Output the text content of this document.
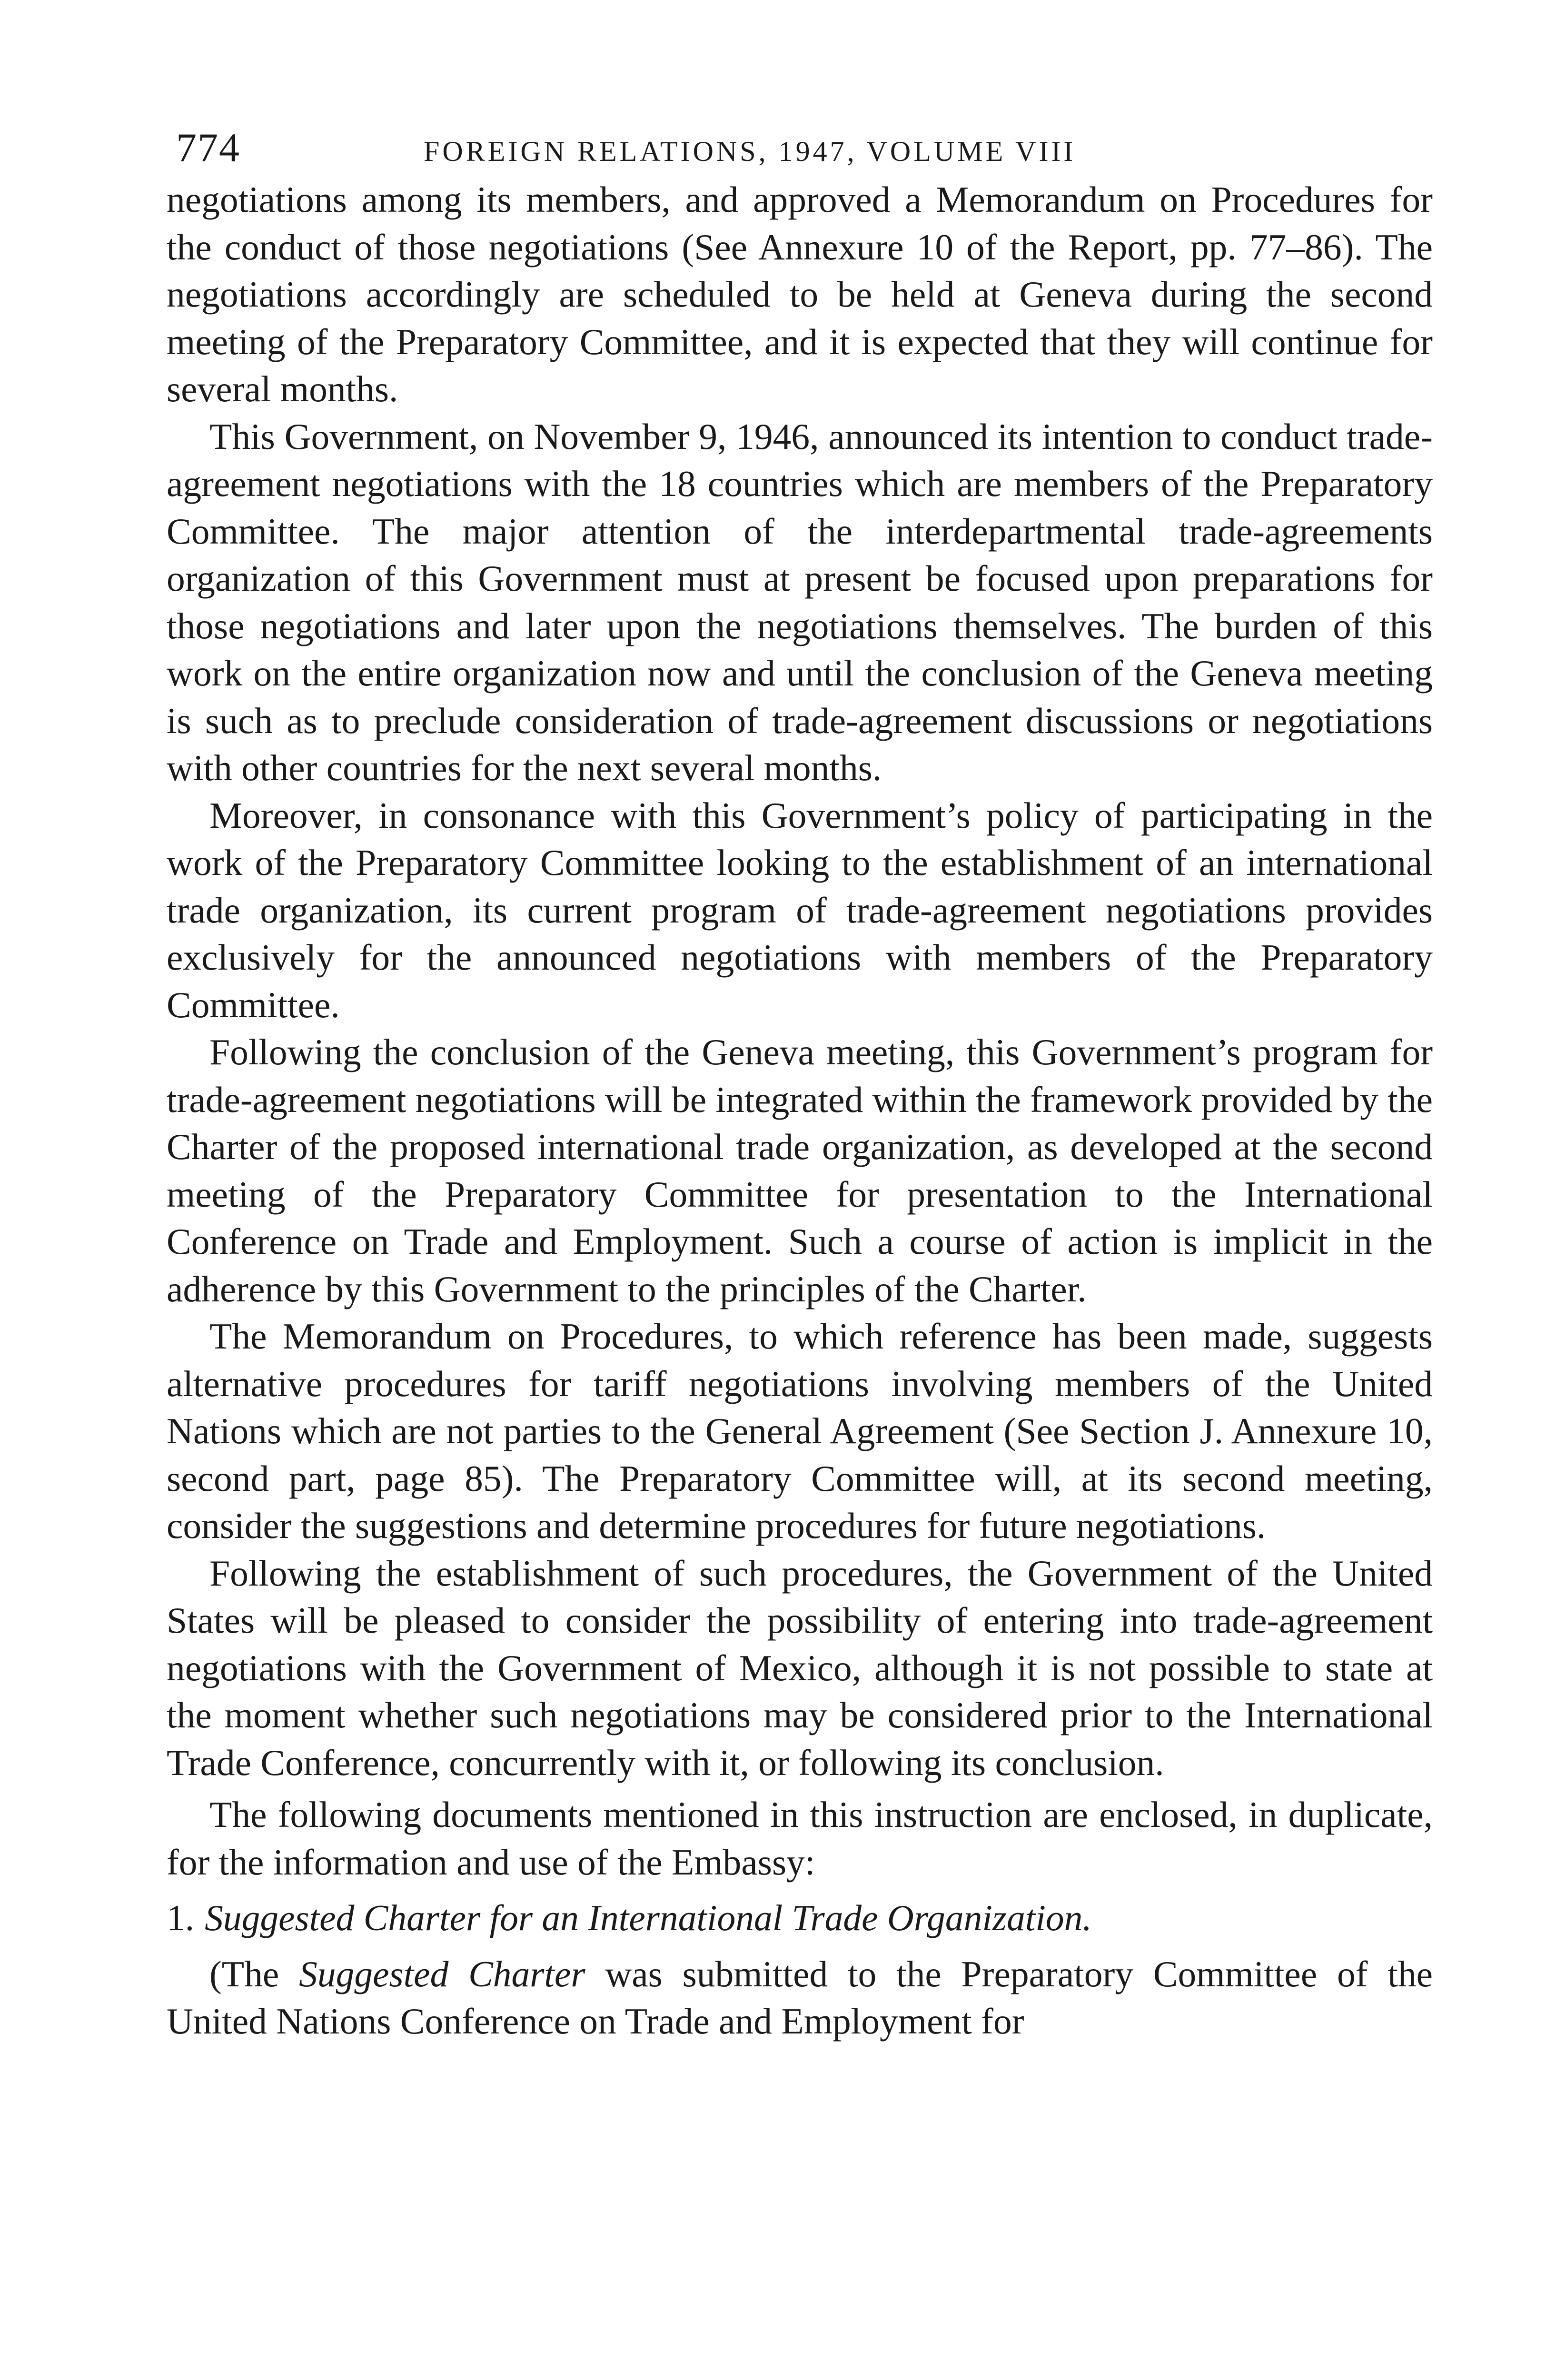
774	FOREIGN RELATIONS, 1947, VOLUME VIII

negotiations among its members, and approved a Memorandum on Procedures for the conduct of those negotiations (See Annexure 10 of the Report, pp. 77–86). The negotiations accordingly are scheduled to be held at Geneva during the second meeting of the Preparatory Committee, and it is expected that they will continue for several months.

This Government, on November 9, 1946, announced its intention to conduct trade-agreement negotiations with the 18 countries which are members of the Preparatory Committee. The major attention of the interdepartmental trade-agreements organization of this Government must at present be focused upon preparations for those negotiations and later upon the negotiations themselves. The burden of this work on the entire organization now and until the conclusion of the Geneva meeting is such as to preclude consideration of trade-agreement discussions or negotiations with other countries for the next several months.

Moreover, in consonance with this Government’s policy of participating in the work of the Preparatory Committee looking to the establishment of an international trade organization, its current program of trade-agreement negotiations provides exclusively for the announced negotiations with members of the Preparatory Committee.

Following the conclusion of the Geneva meeting, this Government’s program for trade-agreement negotiations will be integrated within the framework provided by the Charter of the proposed international trade organization, as developed at the second meeting of the Preparatory Committee for presentation to the International Conference on Trade and Employment. Such a course of action is implicit in the adherence by this Government to the principles of the Charter.

The Memorandum on Procedures, to which reference has been made, suggests alternative procedures for tariff negotiations involving members of the United Nations which are not parties to the General Agreement (See Section J. Annexure 10, second part, page 85). The Preparatory Committee will, at its second meeting, consider the suggestions and determine procedures for future negotiations.

Following the establishment of such procedures, the Government of the United States will be pleased to consider the possibility of entering into trade-agreement negotiations with the Government of Mexico, although it is not possible to state at the moment whether such negotiations may be considered prior to the International Trade Conference, concurrently with it, or following its conclusion.

The following documents mentioned in this instruction are enclosed, in duplicate, for the information and use of the Embassy:

1. Suggested Charter for an International Trade Organization.

(The Suggested Charter was submitted to the Preparatory Committee of the United Nations Conference on Trade and Employment for
